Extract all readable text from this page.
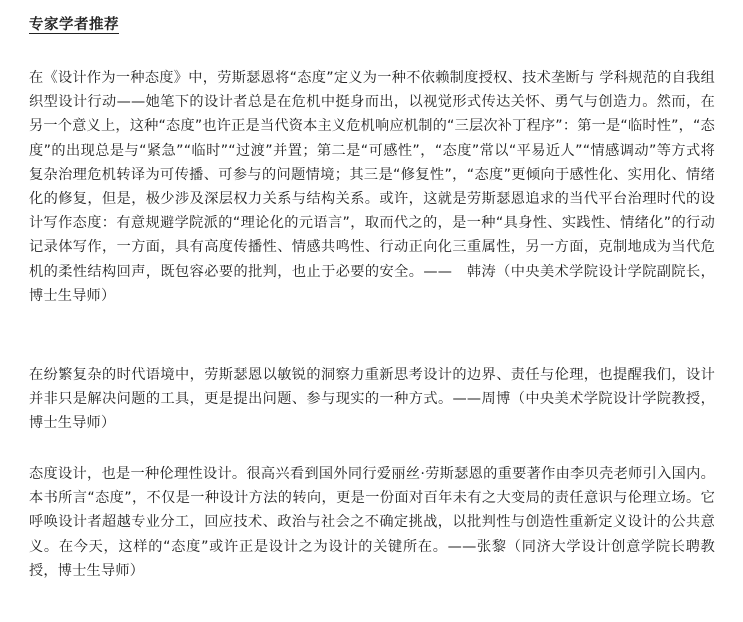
专家学者推荐

在《设计作为一种态度》中，劳斯瑟恩将“态度”定义为一种不依赖制度授权、技术垄断与 学科规范的自我组织型设计行动——她笔下的设计者总是在危机中挺身而出，以视觉形式传达关怀、勇气与创造力。然而，在另一个意义上，这种“态度”也许正是当代资本主义危机响应机制的“三层次补丁程序”：第一是“临时性”，“态度”的出现总是与“紧急”“临时”“过渡”并置；第二是“可感性”，“态度”常以“平易近人”“情感调动”等方式将复杂治理危机转译为可传播、可参与的问题情境；其三是“修复性”，“态度”更倾向于感性化、实用化、情绪化的修复，但是，极少涉及深层权力关系与结构关系。或许，这就是劳斯瑟恩追求的当代平台治理时代的设计写作态度：有意规避学院派的“理论化的元语言”，取而代之的，是一种“具身性、实践性、情绪化”的行动记录体写作，一方面，具有高度传播性、情感共鸣性、行动正向化三重属性，另一方面，克制地成为当代危机的柔性结构回声，既包容必要的批判，也止于必要的安全。——　韩涛（中央美术学院设计学院副院长，博士生导师）

在纷繁复杂的时代语境中，劳斯瑟恩以敏锐的洞察力重新思考设计的边界、责任与伦理，也提醒我们，设计并非只是解决问题的工具，更是提出问题、参与现实的一种方式。——周博（中央美术学院设计学院教授，博士生导师）

态度设计，也是一种伦理性设计。很高兴看到国外同行爱丽丝·劳斯瑟恩的重要著作由李贝壳老师引入国内。本书所言“态度”，不仅是一种设计方法的转向，更是一份面对百年未有之大变局的责任意识与伦理立场。它呼唤设计者超越专业分工，回应技术、政治与社会之不确定挑战，以批判性与创造性重新定义设计的公共意义。在今天，这样的“态度”或许正是设计之为设计的关键所在。——张黎（同济大学设计创意学院长聘教授，博士生导师）
